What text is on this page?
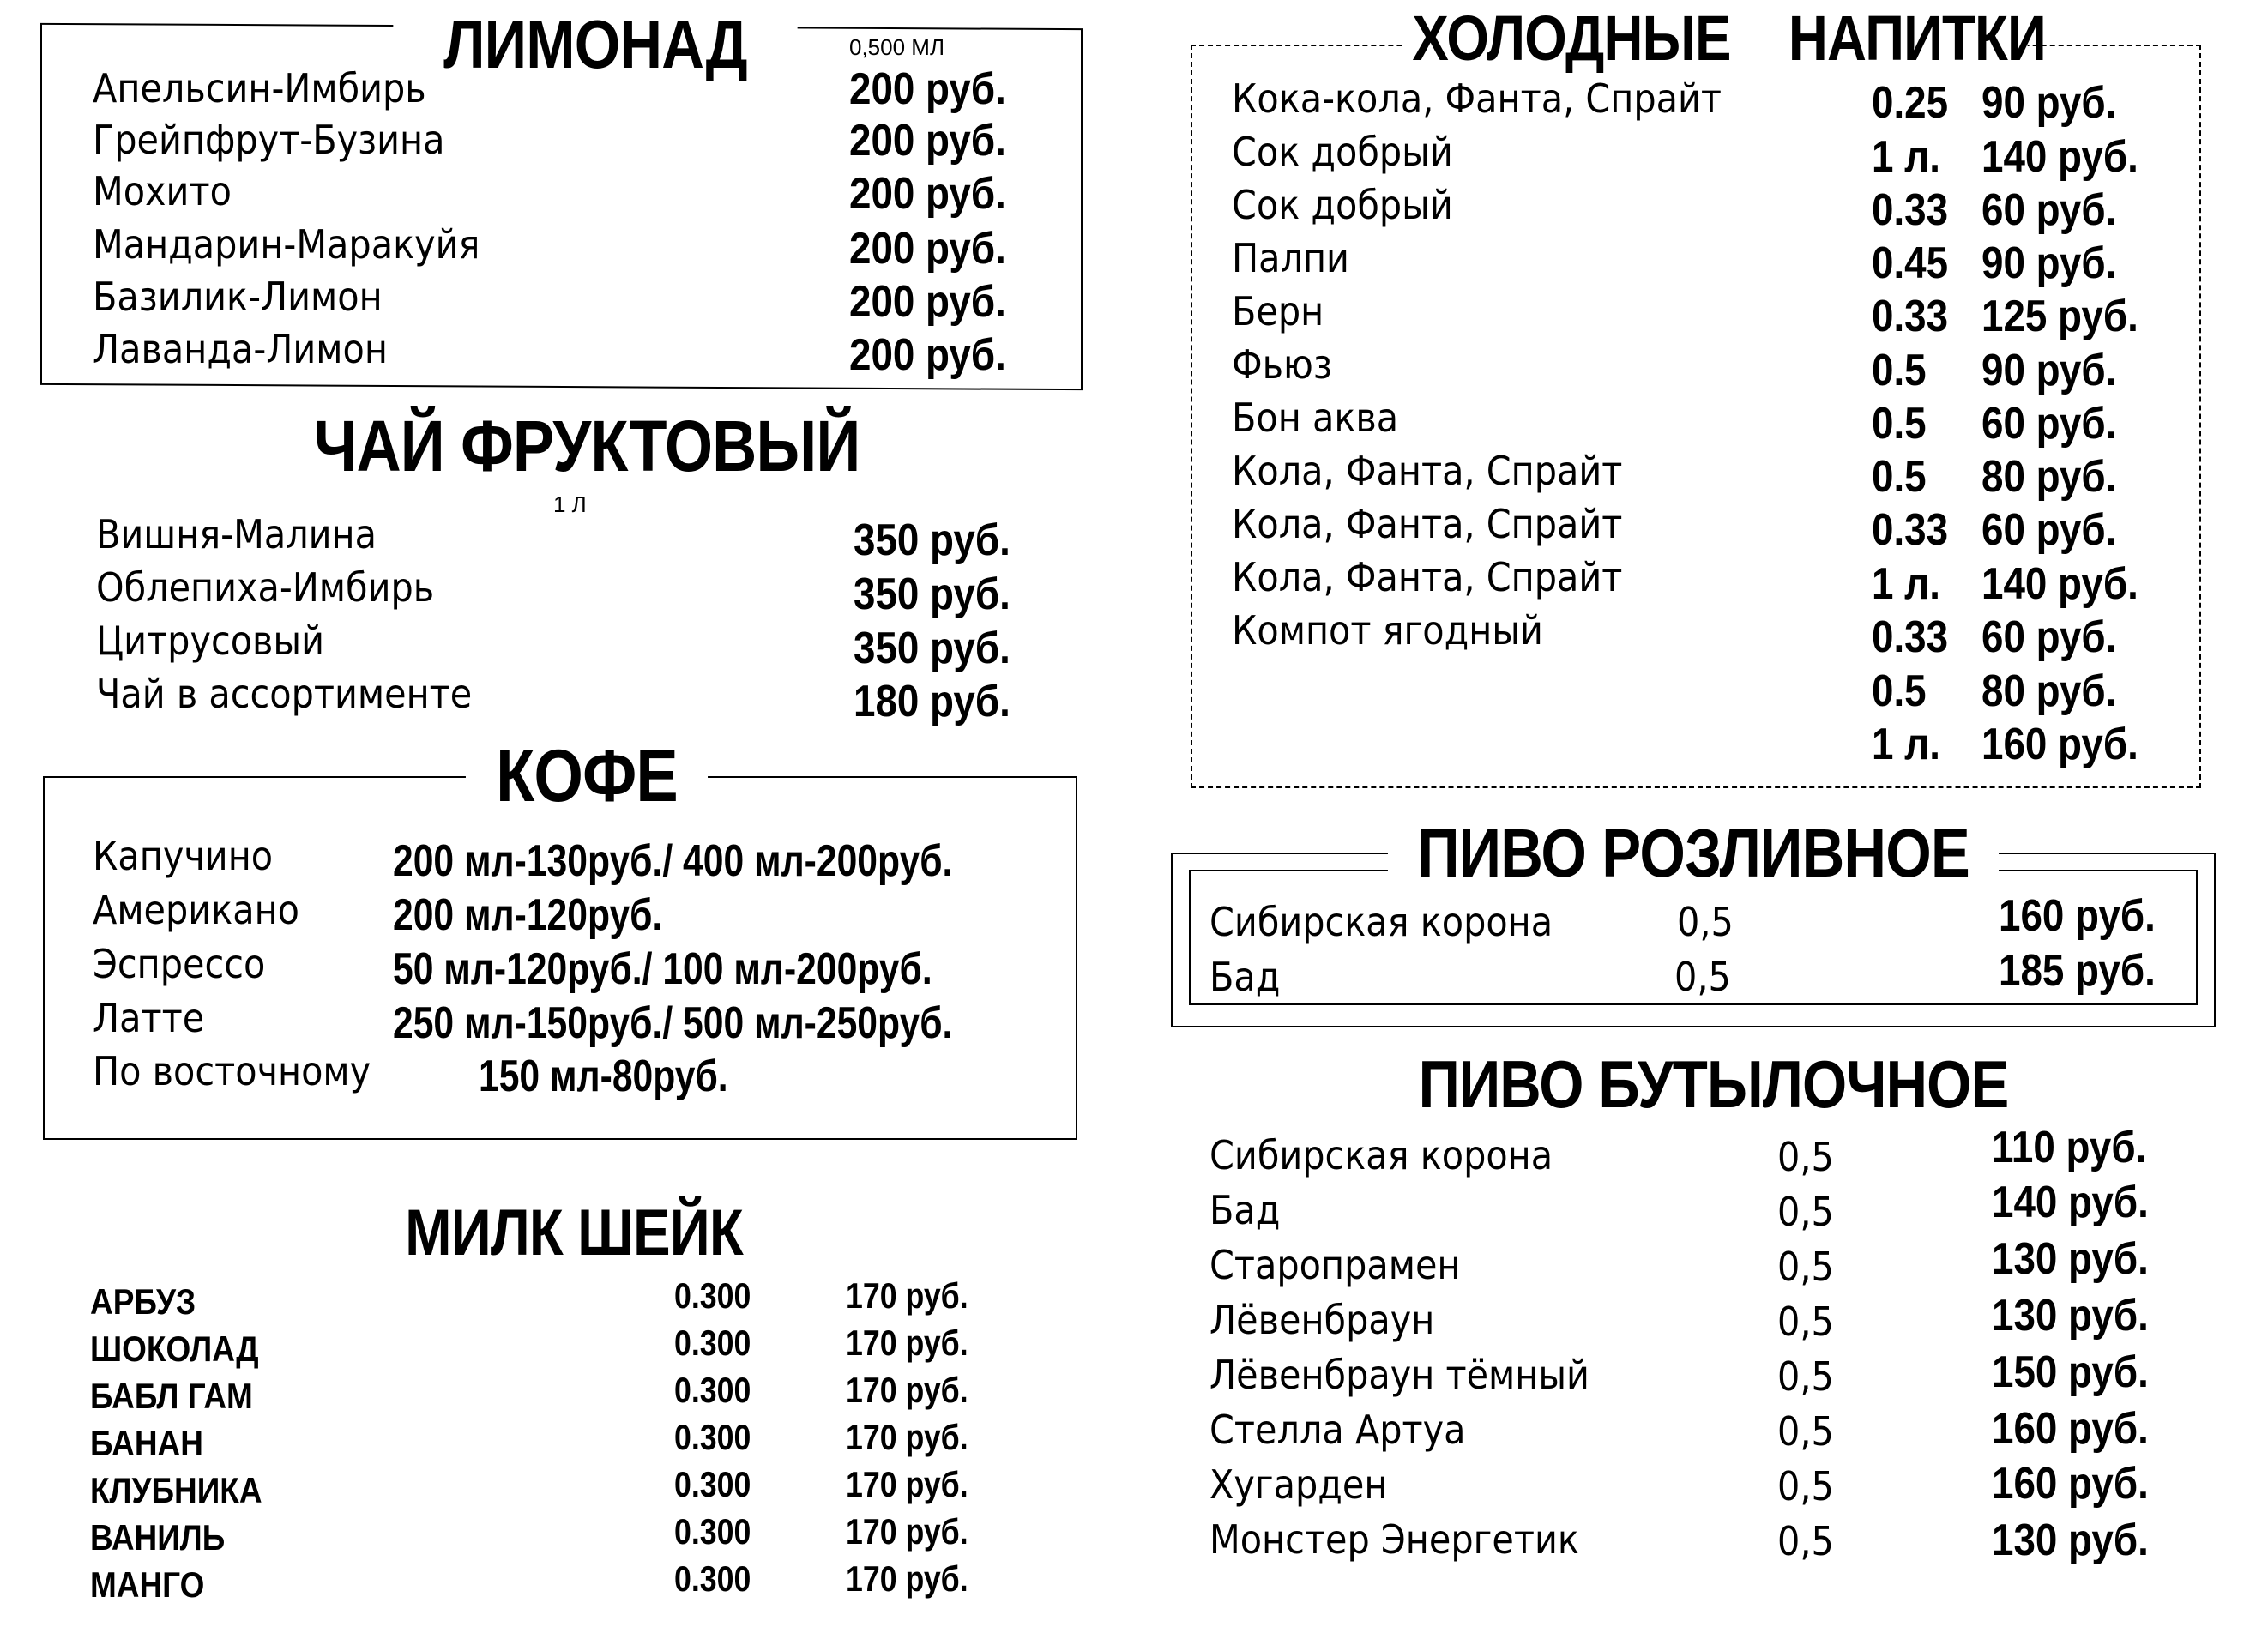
ЛИМОНАД	0,500 МЛ
Апельсин-Имбирь	200 руб.
Грейпфрут-Бузина	200 руб.
Мохито	200 руб.
Мандарин-Маракуйя	200 руб.
Базилик-Лимон	200 руб.
Лаванда-Лимон	200 руб.
ЧАЙ ФРУКТОВЫЙ
1 Л
Вишня-Малина	350 руб.
Облепиха-Имбирь	350 руб.
Цитрусовый	350 руб.
Чай в ассортименте	180 руб.
КОФЕ
Капучино	200 мл-130руб./ 400 мл-200руб.
Американо 200 мл-120руб.
Эспрессо	50 мл-120руб./ 100 мл-200руб.
Латте	250 мл-150руб./ 500 мл-250руб.
По восточному 150 мл-80руб.
МИЛК ШЕЙК
АРБУЗ	0.300	170 руб.
ШОКОЛАД	0.300	170 руб.
БАБЛ ГАМ	0.300	170 руб.
БАНАН	0.300	170 руб.
КЛУБНИКА	0.300	170 руб.
ВАНИЛЬ	0.300	170 руб.
МАНГО	0.300	170 руб.
ХОЛОДНЫЕ    НАПИТКИ
Кока-кола, Фанта, Спрайт	0.25 90 руб.
Сок добрый	1 л. 140 руб.
Сок добрый	0.33 60 руб.
Палпи	0.45 90 руб.
Берн	0.33 125 руб.
Фьюз	0.5 90 руб.
Бон аква	0.5 60 руб.
Кола, Фанта, Спрайт	0.5 80 руб.
Кола, Фанта, Спрайт	0.33 60 руб.
Кола, Фанта, Спрайт	1 л. 140 руб.
Компот ягодный	0.33 60 руб.
0.5 80 руб.
1 л. 160 руб.
ПИВО РОЗЛИВНОЕ
Сибирская корона	0,5	160 руб.
Бад	0,5	185 руб.
ПИВО БУТЫЛОЧНОЕ
Сибирская корона	0,5	110 руб.
Бад	0,5	140 руб.
Старопрамен	0,5	130 руб.
Лёвенбраун	0,5	130 руб.
Лёвенбраун тёмный	0,5	150 руб.
Стелла Артуа	0,5	160 руб.
Хугарден	0,5	160 руб.
Монстер Энергетик	0,5	130 руб.
